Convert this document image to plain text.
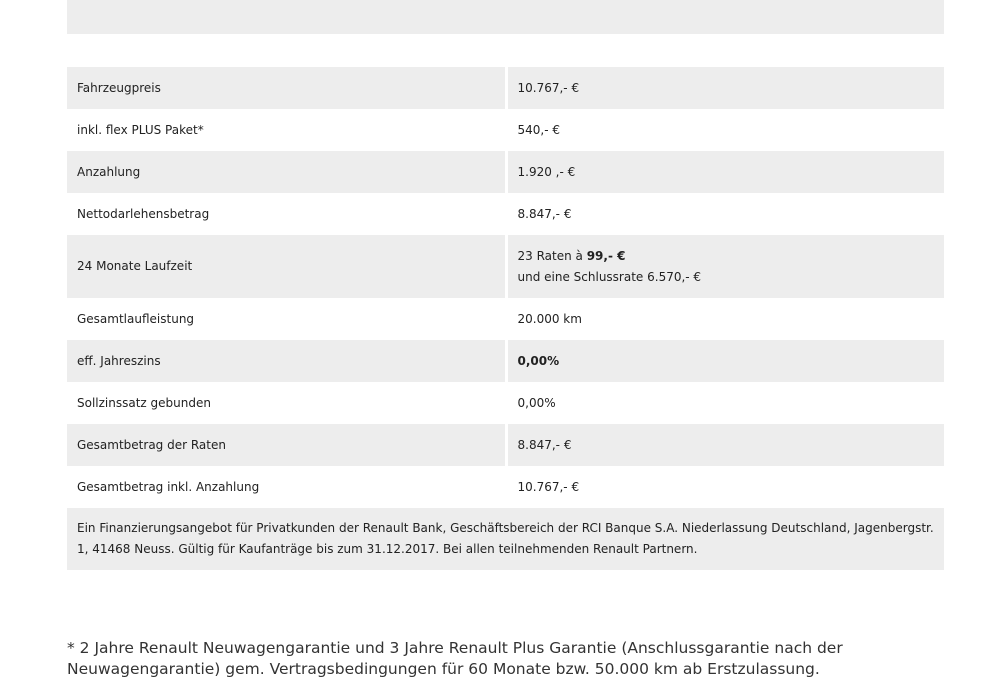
Fahrzeugpreis	10.767,- €
inkl. flex PLUS Paket*	540,- €
Anzahlung	1.920 ,- €
Nettodarlehensbetrag	8.847,- €
24 Monate Laufzeit	23 Raten à 99,- €
und eine Schlussrate 6.570,- €
Gesamtlaufleistung	20.000 km
eff. Jahreszins	0,00%
Sollzinssatz gebunden	0,00%
Gesamtbetrag der Raten	8.847,- €
Gesamtbetrag inkl. Anzahlung	10.767,- €
Ein Finanzierungsangebot für Privatkunden der Renault Bank, Geschäftsbereich der RCI Banque S.A. Niederlassung Deutschland, Jagenbergstr. 1, 41468 Neuss. Gültig für Kaufanträge bis zum 31.12.2017. Bei allen teilnehmenden Renault Partnern.	
* 2 Jahre Renault Neuwagengarantie und 3 Jahre Renault Plus Garantie (Anschlussgarantie nach der Neuwagengarantie) gem. Vertragsbedingungen für 60 Monate bzw. 50.000 km ab Erstzulassung.
